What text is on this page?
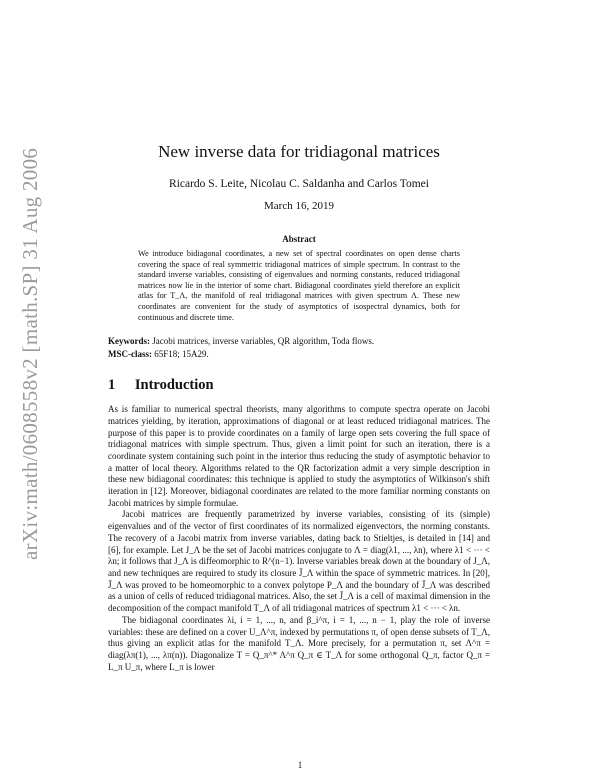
arXiv:math/0608558v2 [math.SP] 31 Aug 2006	New inverse data for tridiagonal matrices
Ricardo S. Leite, Nicolau C. Saldanha and Carlos Tomei
March 16, 2019
Abstract
We introduce bidiagonal coordinates, a new set of spectral coordinates on open dense charts covering the space of real symmetric tridiagonal matrices of simple spectrum. In contrast to the standard inverse variables, consisting of eigenvalues and norming constants, reduced tridiagonal matrices now lie in the interior of some chart. Bidiagonal coordinates yield therefore an explicit atlas for T_Λ, the manifold of real tridiagonal matrices with given spectrum Λ. These new coordinates are convenient for the study of asymptotics of isospectral dynamics, both for continuous and discrete time.
Keywords: Jacobi matrices, inverse variables, QR algorithm, Toda flows.
MSC-class: 65F18; 15A29.
1 Introduction

As is familiar to numerical spectral theorists, many algorithms to compute spectra operate on Jacobi matrices yielding, by iteration, approximations of diagonal or at least reduced tridiagonal matrices. The purpose of this paper is to provide coordinates on a family of large open sets covering the full space of tridiagonal matrices with simple spectrum. Thus, given a limit point for such an iteration, there is a coordinate system containing such point in the interior thus reducing the study of asymptotic behavior to a matter of local theory. Algorithms related to the QR factorization admit a very simple description in these new bidiagonal coordinates: this technique is applied to study the asymptotics of Wilkinson's shift iteration in [12]. Moreover, bidiagonal coordinates are related to the more familiar norming constants on Jacobi matrices by simple formulae.

Jacobi matrices are frequently parametrized by inverse variables, consisting of its (simple) eigenvalues and of the vector of first coordinates of its normalized eigenvectors, the norming constants. The recovery of a Jacobi matrix from inverse variables, dating back to Stieltjes, is detailed in [14] and [6], for example. Let J_Λ be the set of Jacobi matrices conjugate to Λ = diag(λ1, ..., λn), where λ1 < ··· < λn; it follows that J_Λ is diffeomorphic to R^(n−1). Inverse variables break down at the boundary of J_Λ, and new techniques are required to study its closure J̄_Λ within the space of symmetric matrices. In [20], J̄_Λ was proved to be homeomorphic to a convex polytope P_Λ and the boundary of J̄_Λ was described as a union of cells of reduced tridiagonal matrices. Also, the set J̄_Λ is a cell of maximal dimension in the decomposition of the compact manifold T_Λ of all tridiagonal matrices of spectrum λ1 < ··· < λn.

The bidiagonal coordinates λi, i = 1, ..., n, and β_i^π, i = 1, ..., n − 1, play the role of inverse variables: these are defined on a cover U_Λ^π, indexed by permutations π, of open dense subsets of T_Λ, thus giving an explicit atlas for the manifold T_Λ. More precisely, for a permutation π, set Λ^π = diag(λπ(1), ..., λπ(n)). Diagonalize T = Q_π^* Λ^π Q_π ∈ T_Λ for some orthogonal Q_π, factor Q_π = L_π U_π, where L_π is lower

1
